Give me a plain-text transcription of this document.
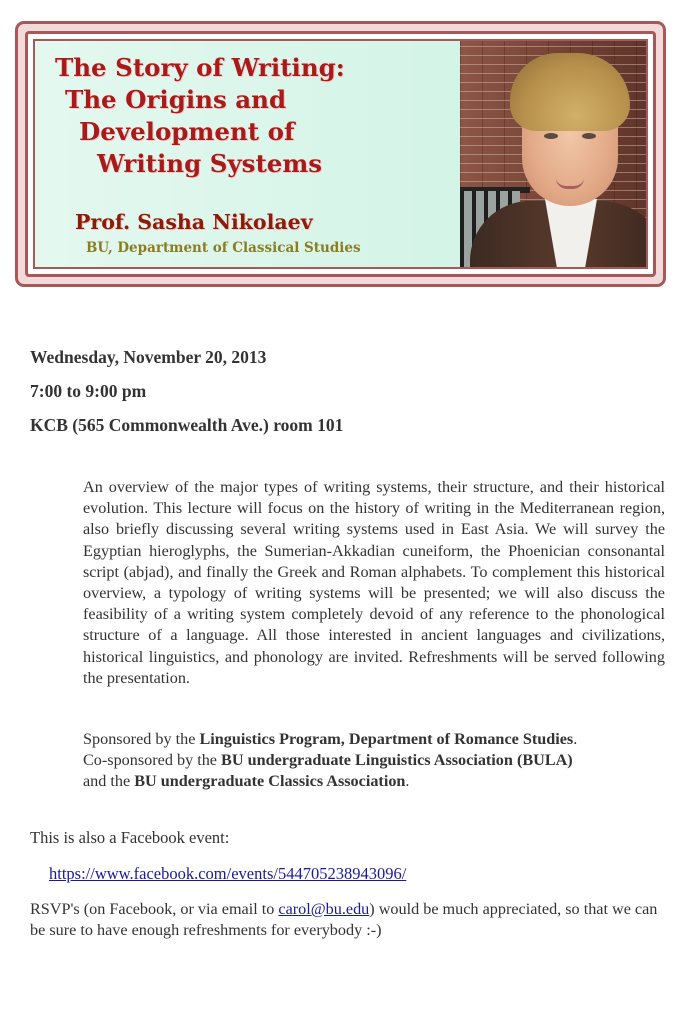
The Story of Writing:
The Origins and
Development of
Writing Systems
Prof. Sasha Nikolaev
BU, Department of Classical Studies
Wednesday, November 20, 2013
7:00 to 9:00 pm
KCB (565 Commonwealth Ave.) room 101

An overview of the major types of writing systems, their structure, and their historical evolution. This lecture will focus on the history of writing in the Mediterranean region, also briefly discussing several writing systems used in East Asia. We will survey the Egyptian hieroglyphs, the Sumerian-Akkadian cuneiform, the Phoenician consonantal script (abjad), and finally the Greek and Roman alphabets. To complement this historical overview, a typology of writing systems will be presented; we will also discuss the feasibility of a writing system completely devoid of any reference to the phonological structure of a language. All those interested in ancient languages and civilizations, historical linguistics, and phonology are invited. Refreshments will be served following the presentation.

Sponsored by the Linguistics Program, Department of Romance Studies.
Co-sponsored by the BU undergraduate Linguistics Association (BULA)
and the BU undergraduate Classics Association.

This is also a Facebook event:

https://www.facebook.com/events/544705238943096/

RSVP's (on Facebook, or via email to carol@bu.edu) would be much appreciated, so that we can be sure to have enough refreshments for everybody :-)
